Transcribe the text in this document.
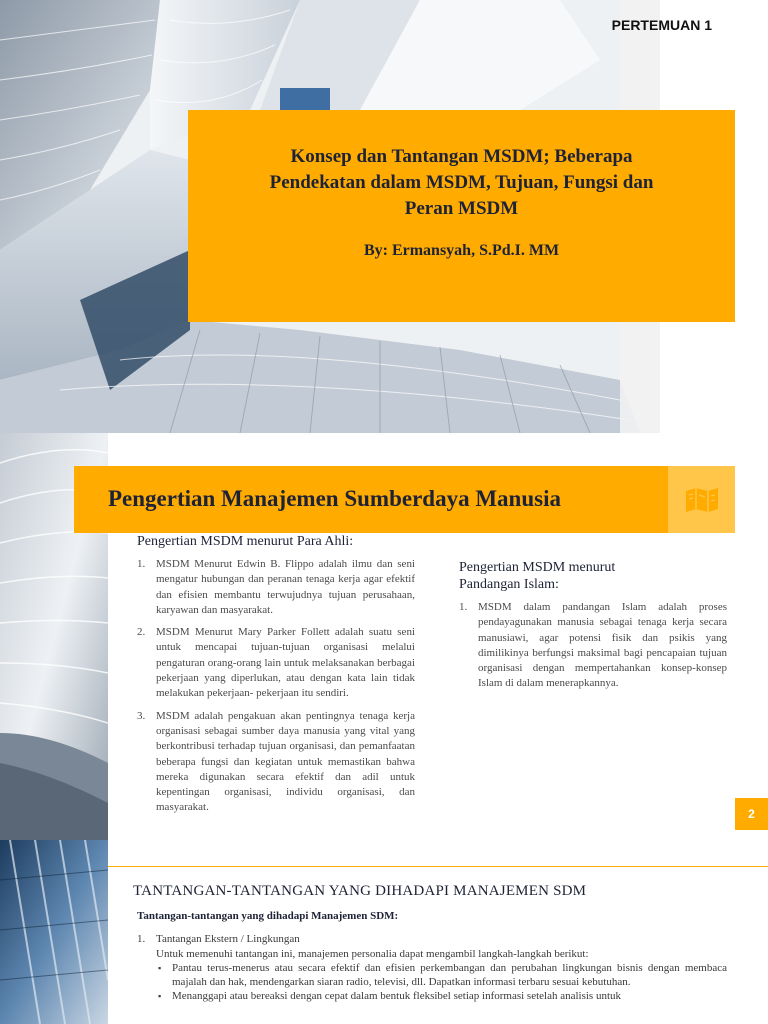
PERTEMUAN 1
Konsep dan Tantangan MSDM; Beberapa
Pendekatan dalam MSDM, Tujuan, Fungsi dan
Peran MSDM
By: Ermansyah, S.Pd.I. MM
Pengertian Manajemen Sumberdaya Manusia
Pengertian MSDM menurut Para Ahli:
1. MSDM Menurut Edwin B. Flippo adalah ilmu dan seni mengatur hubungan dan peranan tenaga kerja agar efektif dan efisien membantu terwujudnya tujuan perusahaan, karyawan dan masyarakat.
2. MSDM Menurut Mary Parker Follett adalah suatu seni untuk mencapai tujuan-tujuan organisasi melalui pengaturan orang-orang lain untuk melaksanakan berbagai pekerjaan yang diperlukan, atau dengan kata lain tidak melakukan pekerjaan- pekerjaan itu sendiri.
3. MSDM adalah pengakuan akan pentingnya tenaga kerja organisasi sebagai sumber daya manusia yang vital yang berkontribusi terhadap tujuan organisasi, dan pemanfaatan beberapa fungsi dan kegiatan untuk memastikan bahwa mereka digunakan secara efektif dan adil untuk kepentingan organisasi, individu organisasi, dan masyarakat.
Pengertian MSDM menurut
Pandangan Islam:
1. MSDM dalam pandangan Islam adalah proses pendayagunakan manusia sebagai tenaga kerja secara manusiawi, agar potensi fisik dan psikis yang dimilikinya berfungsi maksimal bagi pencapaian tujuan organisasi dengan mempertahankan konsep-konsep Islam di dalam menerapkannya.
2
TANTANGAN-TANTANGAN YANG DIHADAPI MANAJEMEN SDM
Tantangan-tantangan yang dihadapi Manajemen SDM:
1. Tantangan Ekstern / Lingkungan
Untuk memenuhi tantangan ini, manajemen personalia dapat mengambil langkah-langkah berikut:
▪ Pantau terus-menerus atau secara efektif dan efisien perkembangan dan perubahan lingkungan bisnis dengan membaca majalah dan hak, mendengarkan siaran radio, televisi, dll. Dapatkan informasi terbaru sesuai kebutuhan.
▪ Menanggapi atau bereaksi dengan cepat dalam bentuk fleksibel setiap informasi setelah analisis untuk
